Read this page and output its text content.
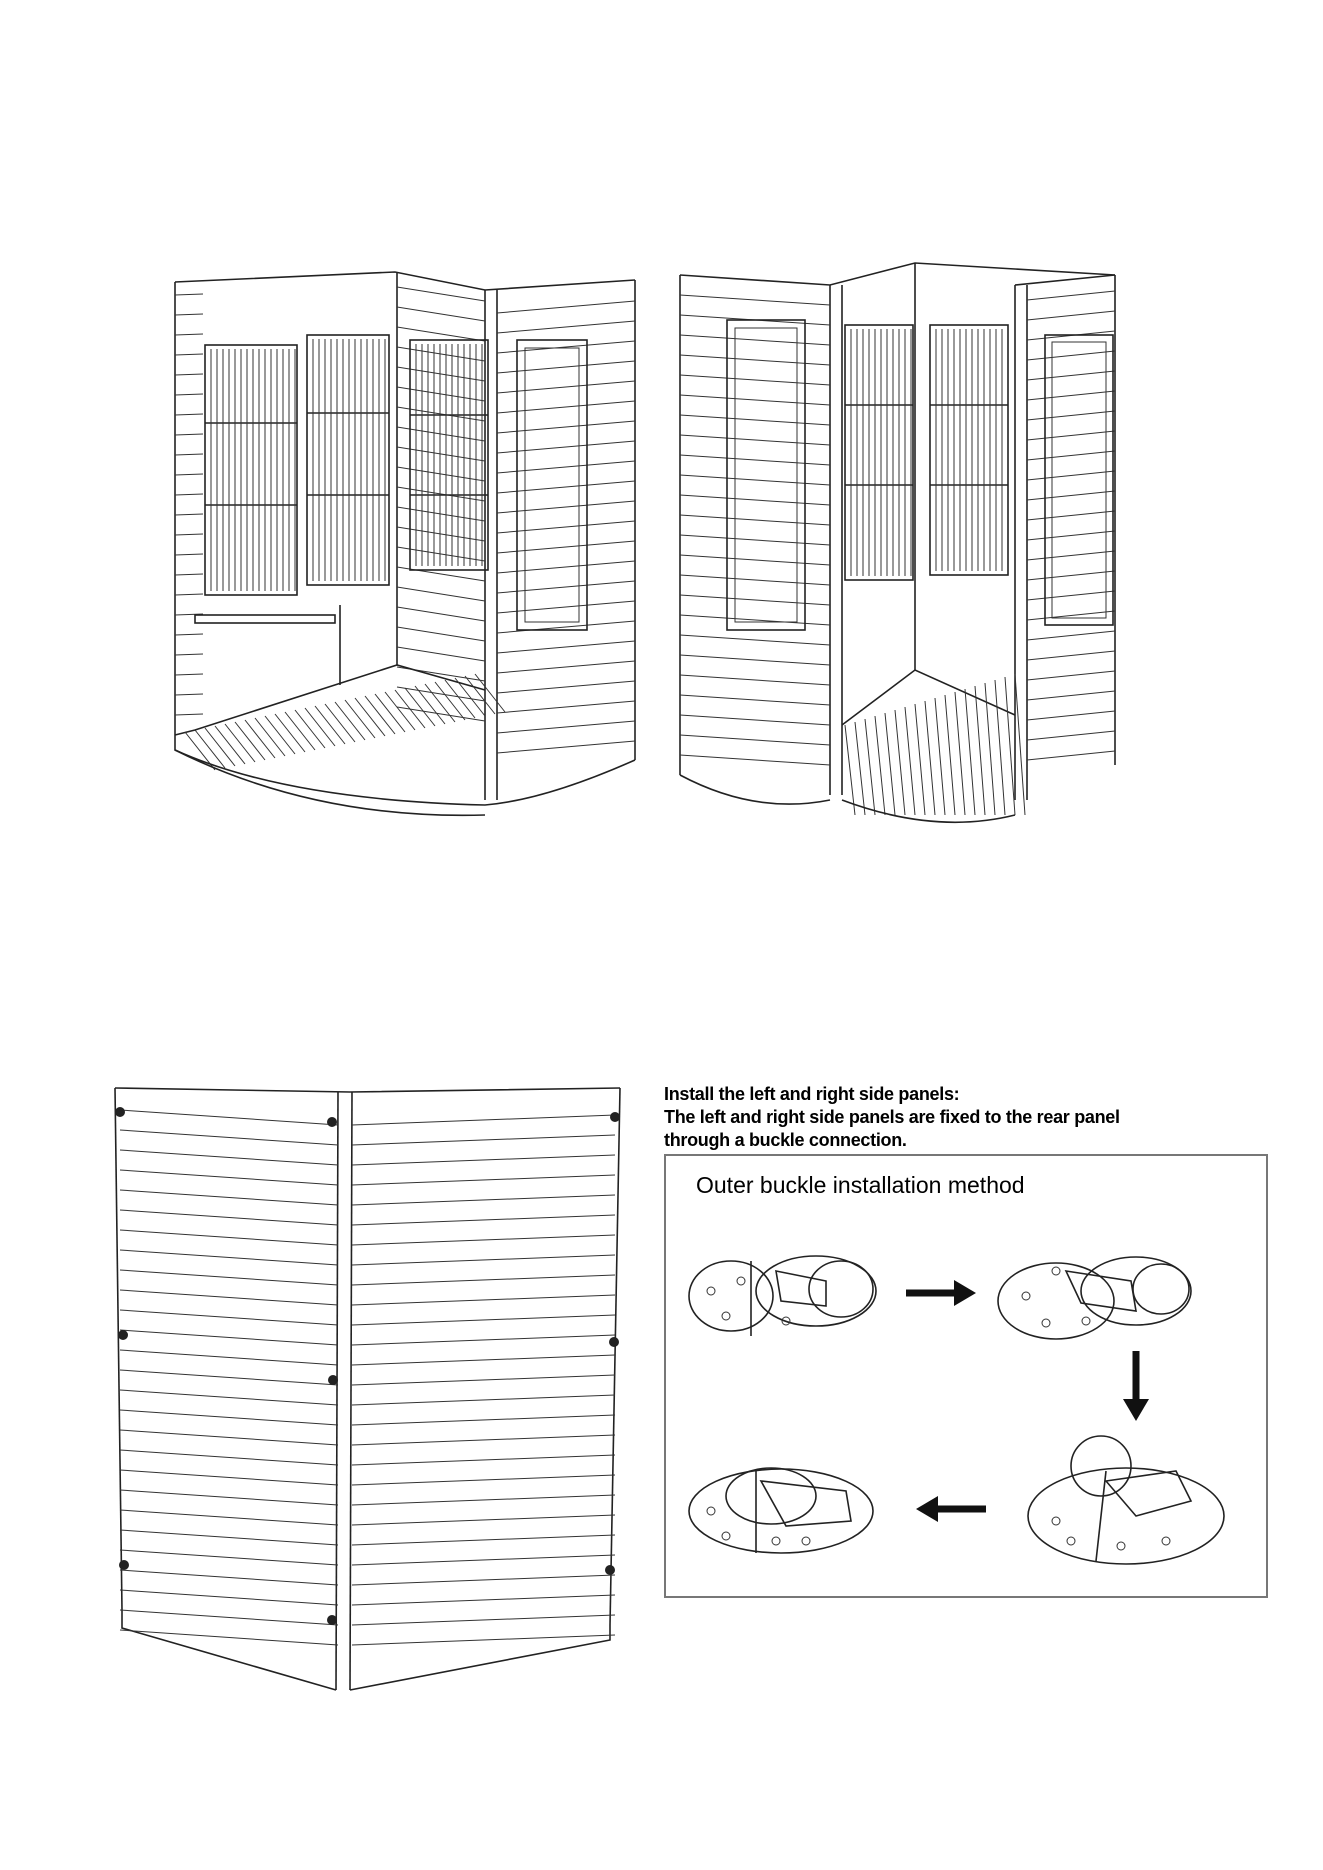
Install the left and right side panels:
The left and right side panels are fixed to the rear panel
through a buckle connection.
Outer buckle installation method
